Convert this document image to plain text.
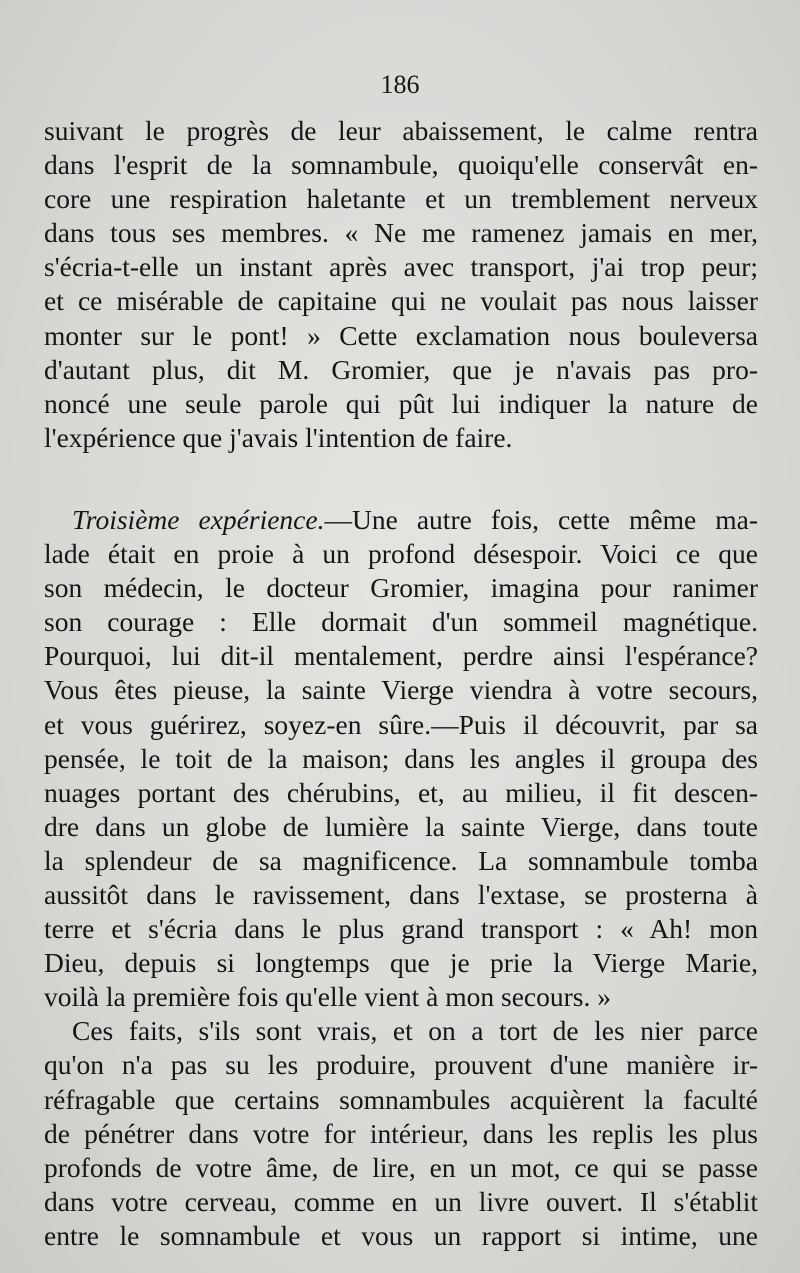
186
suivant le progrès de leur abaissement, le calme rentra
dans l'esprit de la somnambule, quoiqu'elle conservât en-
core une respiration haletante et un tremblement nerveux
dans tous ses membres. « Ne me ramenez jamais en mer,
s'écria-t-elle un instant après avec transport, j'ai trop peur;
et ce misérable de capitaine qui ne voulait pas nous laisser
monter sur le pont! » Cette exclamation nous bouleversa
d'autant plus, dit M. Gromier, que je n'avais pas pro-
noncé une seule parole qui pût lui indiquer la nature de
l'expérience que j'avais l'intention de faire.
Troisième expérience.—Une autre fois, cette même ma-
lade était en proie à un profond désespoir. Voici ce que
son médecin, le docteur Gromier, imagina pour ranimer
son courage : Elle dormait d'un sommeil magnétique.
Pourquoi, lui dit-il mentalement, perdre ainsi l'espérance?
Vous êtes pieuse, la sainte Vierge viendra à votre secours,
et vous guérirez, soyez-en sûre.—Puis il découvrit, par sa
pensée, le toit de la maison; dans les angles il groupa des
nuages portant des chérubins, et, au milieu, il fit descen-
dre dans un globe de lumière la sainte Vierge, dans toute
la splendeur de sa magnificence. La somnambule tomba
aussitôt dans le ravissement, dans l'extase, se prosterna à
terre et s'écria dans le plus grand transport : « Ah! mon
Dieu, depuis si longtemps que je prie la Vierge Marie,
voilà la première fois qu'elle vient à mon secours. »
Ces faits, s'ils sont vrais, et on a tort de les nier parce
qu'on n'a pas su les produire, prouvent d'une manière ir-
réfragable que certains somnambules acquièrent la faculté
de pénétrer dans votre for intérieur, dans les replis les plus
profonds de votre âme, de lire, en un mot, ce qui se passe
dans votre cerveau, comme en un livre ouvert. Il s'établit
entre le somnambule et vous un rapport si intime, une
